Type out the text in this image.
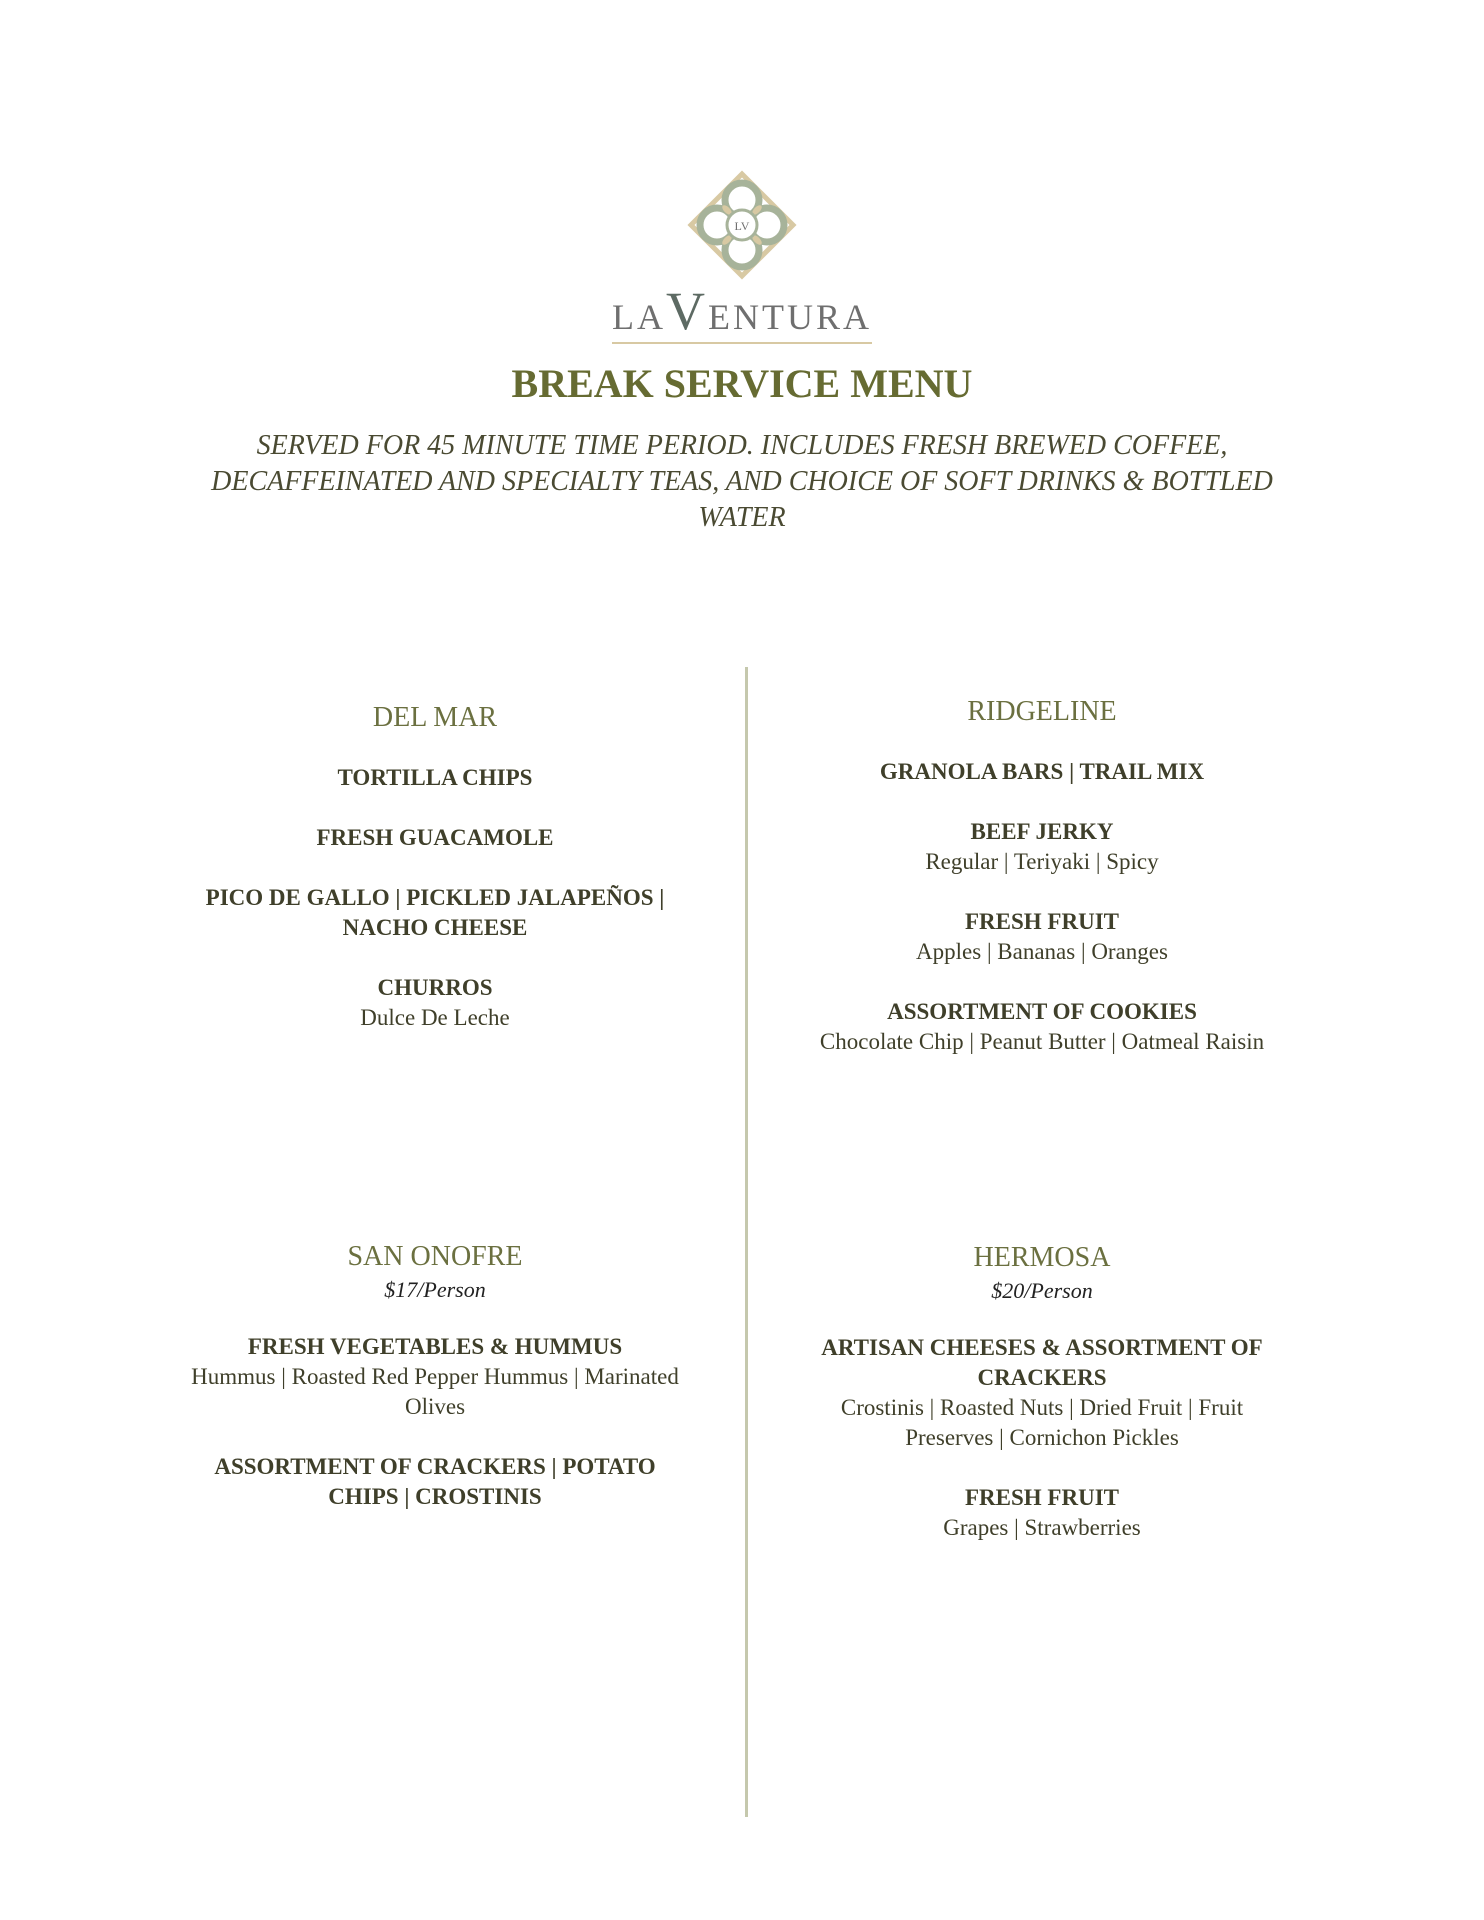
LV
LAVENTURA
BREAK SERVICE MENU
SERVED FOR 45 MINUTE TIME PERIOD. INCLUDES FRESH BREWED COFFEE, DECAFFEINATED AND SPECIALTY TEAS, AND CHOICE OF SOFT DRINKS & BOTTLED WATER
DEL MAR
TORTILLA CHIPS
FRESH GUACAMOLE
PICO DE GALLO | PICKLED JALAPEÑOS | NACHO CHEESE
CHURROS
Dulce De Leche
RIDGELINE
GRANOLA BARS | TRAIL MIX
BEEF JERKY
Regular | Teriyaki | Spicy
FRESH FRUIT
Apples | Bananas | Oranges
ASSORTMENT OF COOKIES
Chocolate Chip | Peanut Butter | Oatmeal Raisin
SAN ONOFRE
$17/Person
FRESH VEGETABLES & HUMMUS
Hummus | Roasted Red Pepper Hummus | Marinated Olives
ASSORTMENT OF CRACKERS | POTATO CHIPS | CROSTINIS
HERMOSA
$20/Person
ARTISAN CHEESES & ASSORTMENT OF CRACKERS
Crostinis | Roasted Nuts | Dried Fruit | Fruit Preserves | Cornichon Pickles
FRESH FRUIT
Grapes | Strawberries
